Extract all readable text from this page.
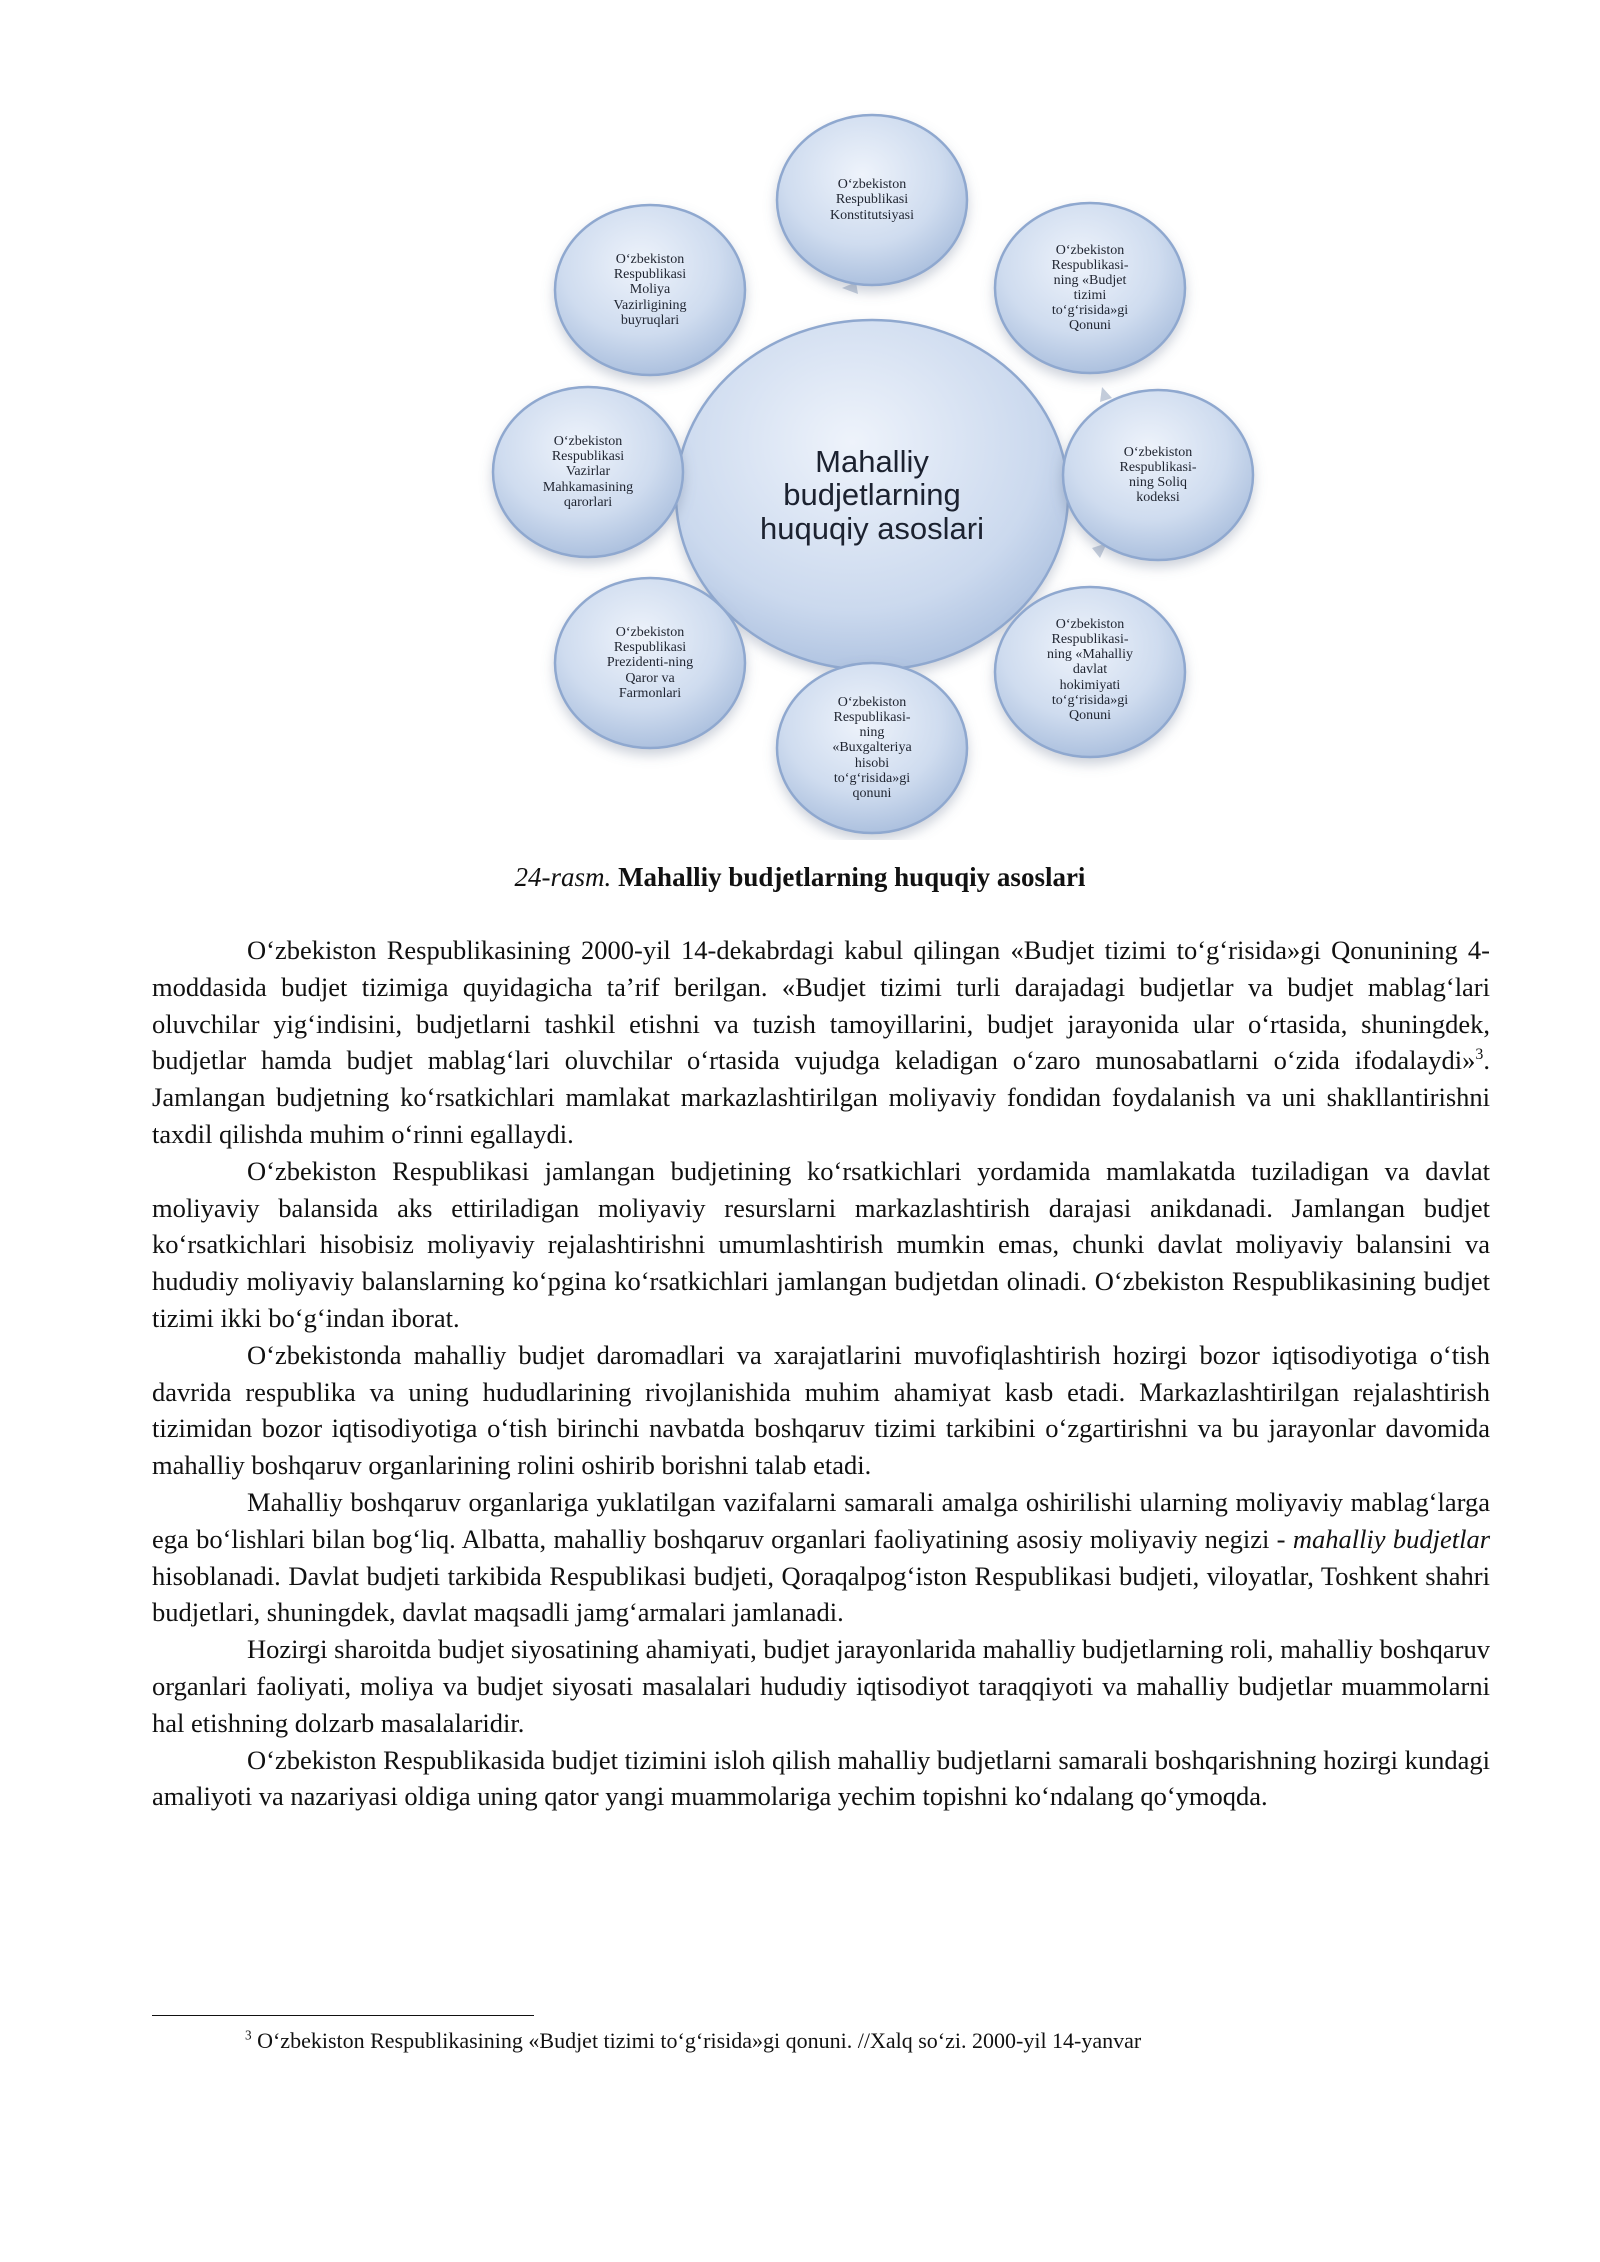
Mahalliy
budjetlarning
huquqiy asoslari
O‘zbekiston
Respublikasi
Konstitutsiyasi
O‘zbekiston
Respublikasi-
ning «Budjet
tizimi
to‘g‘risida»gi
Qonuni
O‘zbekiston
Respublikasi-
ning Soliq
kodeksi
O‘zbekiston
Respublikasi-
ning «Mahalliy
davlat
hokimiyati
to‘g‘risida»gi
Qonuni
O‘zbekiston
Respublikasi-
ning
«Buxgalteriya
hisobi
to‘g‘risida»gi
qonuni
O‘zbekiston
Respublikasi
Prezidenti-ning
Qaror va
Farmonlari
O‘zbekiston
Respublikasi
Vazirlar
Mahkamasining
qarorlari
O‘zbekiston
Respublikasi
Moliya
Vazirligining
buyruqlari
24-rasm. Mahalliy budjetlarning huquqiy asoslari

O‘zbekiston Respublikasining 2000-yil 14-dekabrdagi kabul qilingan «Budjet tizimi to‘g‘risida»gi Qonunining 4-moddasida budjet tizimiga quyidagicha ta’rif berilgan. «Budjet tizimi turli darajadagi budjetlar va budjet mablag‘lari oluvchilar yig‘indisini, budjetlarni tashkil etishni va tuzish tamoyillarini, budjet jarayonida ular o‘rtasida, shuningdek, budjetlar hamda budjet mablag‘lari oluvchilar o‘rtasida vujudga keladigan o‘zaro munosabatlarni o‘zida ifodalaydi»$^3$. Jamlangan budjetning ko‘rsatkichlari mamlakat markazlashtirilgan moliyaviy fondidan foydalanish va uni shakllantirishni taxdil qilishda muhim o‘rinni egallaydi.

O‘zbekiston Respublikasi jamlangan budjetining ko‘rsatkichlari yordamida mamlakatda tuziladigan va davlat moliyaviy balansida aks ettiriladigan moliyaviy resurslarni markazlashtirish darajasi anikdanadi. Jamlangan budjet ko‘rsatkichlari hisobisiz moliyaviy rejalashtirishni umumlashtirish mumkin emas, chunki davlat moliyaviy balansini va hududiy moliyaviy balanslarning ko‘pgina ko‘rsatkichlari jamlangan budjetdan olinadi. O‘zbekiston Respublikasining budjet tizimi ikki bo‘g‘indan iborat.

O‘zbekistonda mahalliy budjet daromadlari va xarajatlarini muvofiqlashtirish hozirgi bozor iqtisodiyotiga o‘tish davrida respublika va uning hududlarining rivojlanishida muhim ahamiyat kasb etadi. Markazlashtirilgan rejalashtirish tizimidan bozor iqtisodiyotiga o‘tish birinchi navbatda boshqaruv tizimi tarkibini o‘zgartirishni va bu jarayonlar davomida mahalliy boshqaruv organlarining rolini oshirib borishni talab etadi.

Mahalliy boshqaruv organlariga yuklatilgan vazifalarni samarali amalga oshirilishi ularning moliyaviy mablag‘larga ega bo‘lishlari bilan bog‘liq. Albatta, mahalliy boshqaruv organlari faoliyatining asosiy moliyaviy negizi - mahalliy budjetlar hisoblanadi. Davlat budjeti tarkibida Respublikasi budjeti, Qoraqalpog‘iston Respublikasi budjeti, viloyatlar, Toshkent shahri budjetlari, shuningdek, davlat maqsadli jamg‘armalari jamlanadi.

Hozirgi sharoitda budjet siyosatining ahamiyati, budjet jarayonlarida mahalliy budjetlarning roli, mahalliy boshqaruv organlari faoliyati, moliya va budjet siyosati masalalari hududiy iqtisodiyot taraqqiyoti va mahalliy budjetlar muammolarni hal etishning dolzarb masalalaridir.

O‘zbekiston Respublikasida budjet tizimini isloh qilish mahalliy budjetlarni samarali boshqarishning hozirgi kundagi amaliyoti va nazariyasi oldiga uning qator yangi muammolariga yechim topishni ko‘ndalang qo‘ymoqda.

$^3$ O‘zbekiston Respublikasining «Budjet tizimi to‘g‘risida»gi qonuni. //Xalq so‘zi. 2000-yil 14-yanvar
